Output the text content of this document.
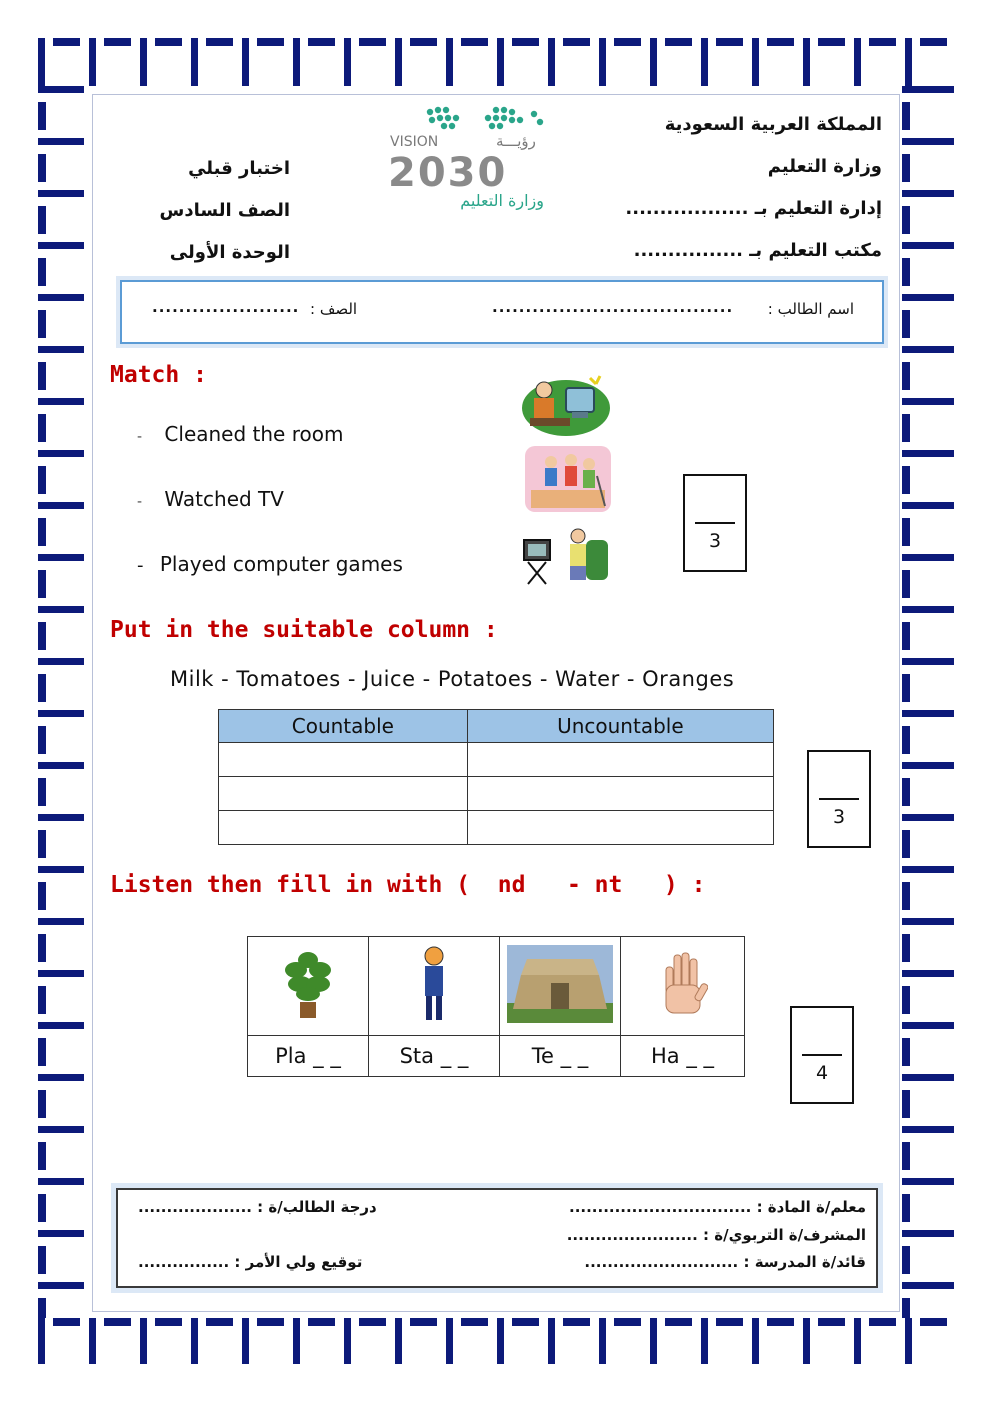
المملكة العربية السعودية
وزارة التعليم
إدارة التعليم بـ ..................
مكتب التعليم بـ ................
اختبار قبلي
الصف السادس
الوحدة الأولى
VISION	رؤيـــة
2030
وزارة التعليم
اسم الطالب :
....................................
الصف :
......................
Match :
- Cleaned the room
- Watched TV
- Played computer games
3
Put in the suitable column :
Milk - Tomatoes - Juice - Potatoes - Water - Oranges
Countable	Uncountable

3
Listen then fill in with (  nd   - nt   ) :

Pla _ _	Sta _ _	Te _ _	Ha _ _
4
معلم/ة المادة : ................................
المشرف/ة التربوي/ة : .......................
قائد/ة المدرسة : ...........................
درجة الطالب/ة : ....................
توقيع ولي الأمر : ................
